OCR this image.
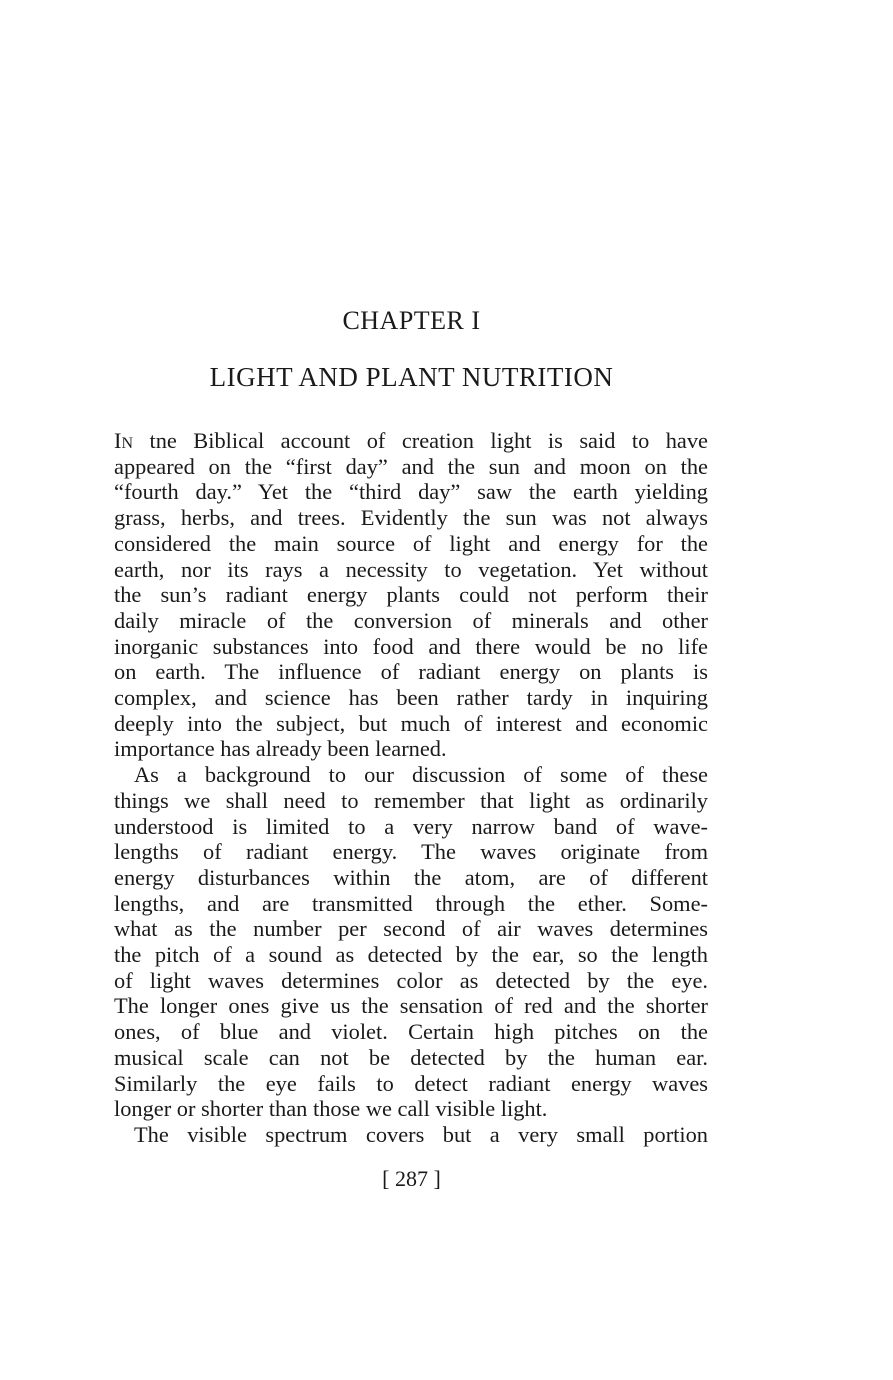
CHAPTER I
LIGHT AND PLANT NUTRITION
In tne Biblical account of creation light is said to have
appeared on the “first day” and the sun and moon on the
“fourth day.” Yet the “third day” saw the earth yielding
grass, herbs, and trees. Evidently the sun was not always
considered the main source of light and energy for the
earth, nor its rays a necessity to vegetation. Yet without
the sun’s radiant energy plants could not perform their
daily miracle of the conversion of minerals and other
inorganic substances into food and there would be no life
on earth. The influence of radiant energy on plants is
complex, and science has been rather tardy in inquiring
deeply into the subject, but much of interest and economic
importance has already been learned.
As a background to our discussion of some of these
things we shall need to remember that light as ordinarily
understood is limited to a very narrow band of wave-
lengths of radiant energy. The waves originate from
energy disturbances within the atom, are of different
lengths, and are transmitted through the ether. Some-
what as the number per second of air waves determines
the pitch of a sound as detected by the ear, so the length
of light waves determines color as detected by the eye.
The longer ones give us the sensation of red and the shorter
ones, of blue and violet. Certain high pitches on the
musical scale can not be detected by the human ear.
Similarly the eye fails to detect radiant energy waves
longer or shorter than those we call visible light.
The visible spectrum covers but a very small portion
[ 287 ]
